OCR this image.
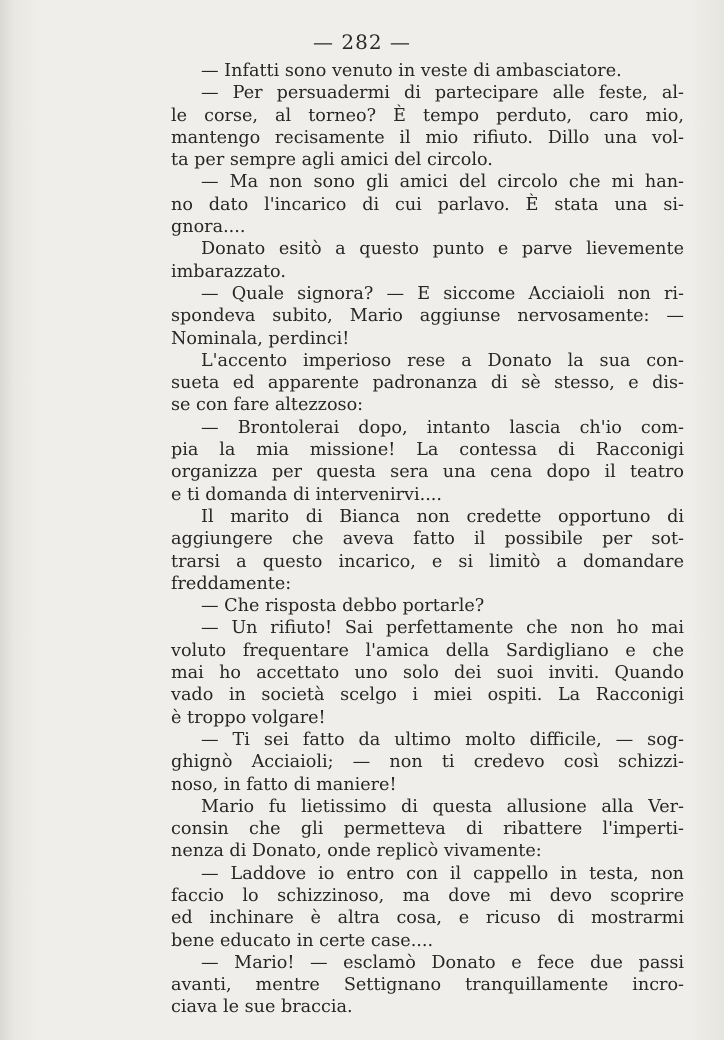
— 282 —
— Infatti sono venuto in veste di ambasciatore.
— Per persuadermi di partecipare alle feste, al-
le corse, al torneo? È tempo perduto, caro mio,
mantengo recisamente il mio rifiuto. Dillo una vol-
ta per sempre agli amici del circolo.
— Ma non sono gli amici del circolo che mi han-
no dato l'incarico di cui parlavo. È stata una si-
gnora....
Donato esitò a questo punto e parve lievemente
imbarazzato.
— Quale signora? — E siccome Acciaioli non ri-
spondeva subito, Mario aggiunse nervosamente: —
Nominala, perdinci!
L'accento imperioso rese a Donato la sua con-
sueta ed apparente padronanza di sè stesso, e dis-
se con fare altezzoso:
— Brontolerai dopo, intanto lascia ch'io com-
pia la mia missione! La contessa di Racconigi
organizza per questa sera una cena dopo il teatro
e ti domanda di intervenirvi....
Il marito di Bianca non credette opportuno di
aggiungere che aveva fatto il possibile per sot-
trarsi a questo incarico, e si limitò a domandare
freddamente:
— Che risposta debbo portarle?
— Un rifiuto! Sai perfettamente che non ho mai
voluto frequentare l'amica della Sardigliano e che
mai ho accettato uno solo dei suoi inviti. Quando
vado in società scelgo i miei ospiti. La Racconigi
è troppo volgare!
— Ti sei fatto da ultimo molto difficile, — sog-
ghignò Acciaioli; — non ti credevo così schizzi-
noso, in fatto di maniere!
Mario fu lietissimo di questa allusione alla Ver-
consin che gli permetteva di ribattere l'imperti-
nenza di Donato, onde replicò vivamente:
— Laddove io entro con il cappello in testa, non
faccio lo schizzinoso, ma dove mi devo scoprire
ed inchinare è altra cosa, e ricuso di mostrarmi
bene educato in certe case....
— Mario! — esclamò Donato e fece due passi
avanti, mentre Settignano tranquillamente incro-
ciava le sue braccia.
